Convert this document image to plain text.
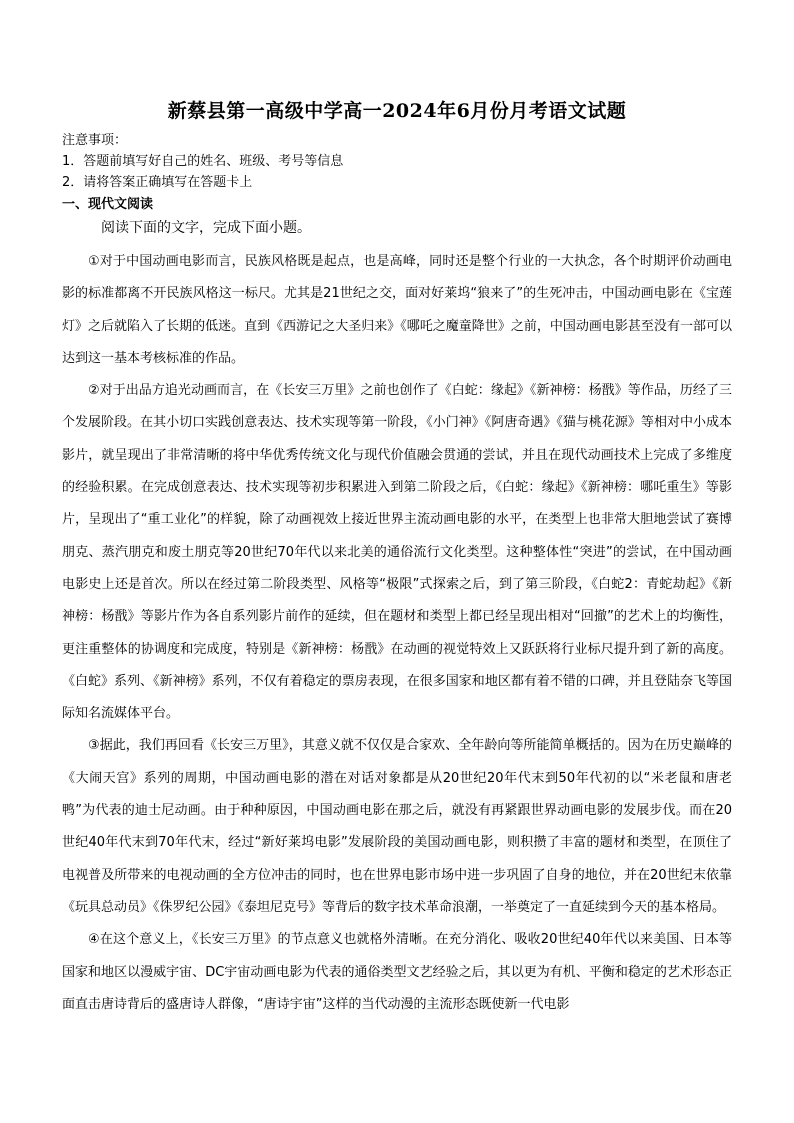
新蔡县第一高级中学高一2024年6月份月考语文试题
注意事项：
1．答题前填写好自己的姓名、班级、考号等信息
2．请将答案正确填写在答题卡上
一、现代文阅读
阅读下面的文字，完成下面小题。

①对于中国动画电影而言，民族风格既是起点，也是高峰，同时还是整个行业的一大执念，各个时期评价动画电影的标准都离不开民族风格这一标尺。尤其是21世纪之交，面对好莱坞“狼来了”的生死冲击，中国动画电影在《宝莲灯》之后就陷入了长期的低迷。直到《西游记之大圣归来》《哪吒之魔童降世》之前，中国动画电影甚至没有一部可以达到这一基本考核标准的作品。

②对于出品方追光动画而言，在《长安三万里》之前也创作了《白蛇：缘起》《新神榜：杨戬》等作品，历经了三个发展阶段。在其小切口实践创意表达、技术实现等第一阶段，《小门神》《阿唐奇遇》《猫与桃花源》等相对中小成本影片，就呈现出了非常清晰的将中华优秀传统文化与现代价值融会贯通的尝试，并且在现代动画技术上完成了多维度的经验积累。在完成创意表达、技术实现等初步积累进入到第二阶段之后，《白蛇：缘起》《新神榜：哪吒重生》等影片，呈现出了“重工业化”的样貌，除了动画视效上接近世界主流动画电影的水平，在类型上也非常大胆地尝试了赛博朋克、蒸汽朋克和废土朋克等20世纪70年代以来北美的通俗流行文化类型。这种整体性“突进”的尝试，在中国动画电影史上还是首次。所以在经过第二阶段类型、风格等“极限”式探索之后，到了第三阶段，《白蛇2：青蛇劫起》《新神榜：杨戬》等影片作为各自系列影片前作的延续，但在题材和类型上都已经呈现出相对“回撤”的艺术上的均衡性，更注重整体的协调度和完成度，特别是《新神榜：杨戬》在动画的视觉特效上又跃跃将行业标尺提升到了新的高度。《白蛇》系列、《新神榜》系列，不仅有着稳定的票房表现，在很多国家和地区都有着不错的口碑，并且登陆奈飞等国际知名流媒体平台。

③据此，我们再回看《长安三万里》，其意义就不仅仅是合家欢、全年龄向等所能简单概括的。因为在历史巅峰的《大闹天宫》系列的周期，中国动画电影的潜在对话对象都是从20世纪20年代末到50年代初的以“米老鼠和唐老鸭”为代表的迪士尼动画。由于种种原因，中国动画电影在那之后，就没有再紧跟世界动画电影的发展步伐。而在20世纪40年代末到70年代末，经过“新好莱坞电影”发展阶段的美国动画电影，则积攒了丰富的题材和类型，在顶住了电视普及所带来的电视动画的全方位冲击的同时，也在世界电影市场中进一步巩固了自身的地位，并在20世纪末依靠《玩具总动员》《侏罗纪公园》《泰坦尼克号》等背后的数字技术革命浪潮，一举奠定了一直延续到今天的基本格局。

④在这个意义上，《长安三万里》的节点意义也就格外清晰。在充分消化、吸收20世纪40年代以来美国、日本等国家和地区以漫威宇宙、DC宇宙动画电影为代表的通俗类型文艺经验之后，其以更为有机、平衡和稳定的艺术形态正面直击唐诗背后的盛唐诗人群像，“唐诗宇宙”这样的当代动漫的主流形态既使新一代电影
